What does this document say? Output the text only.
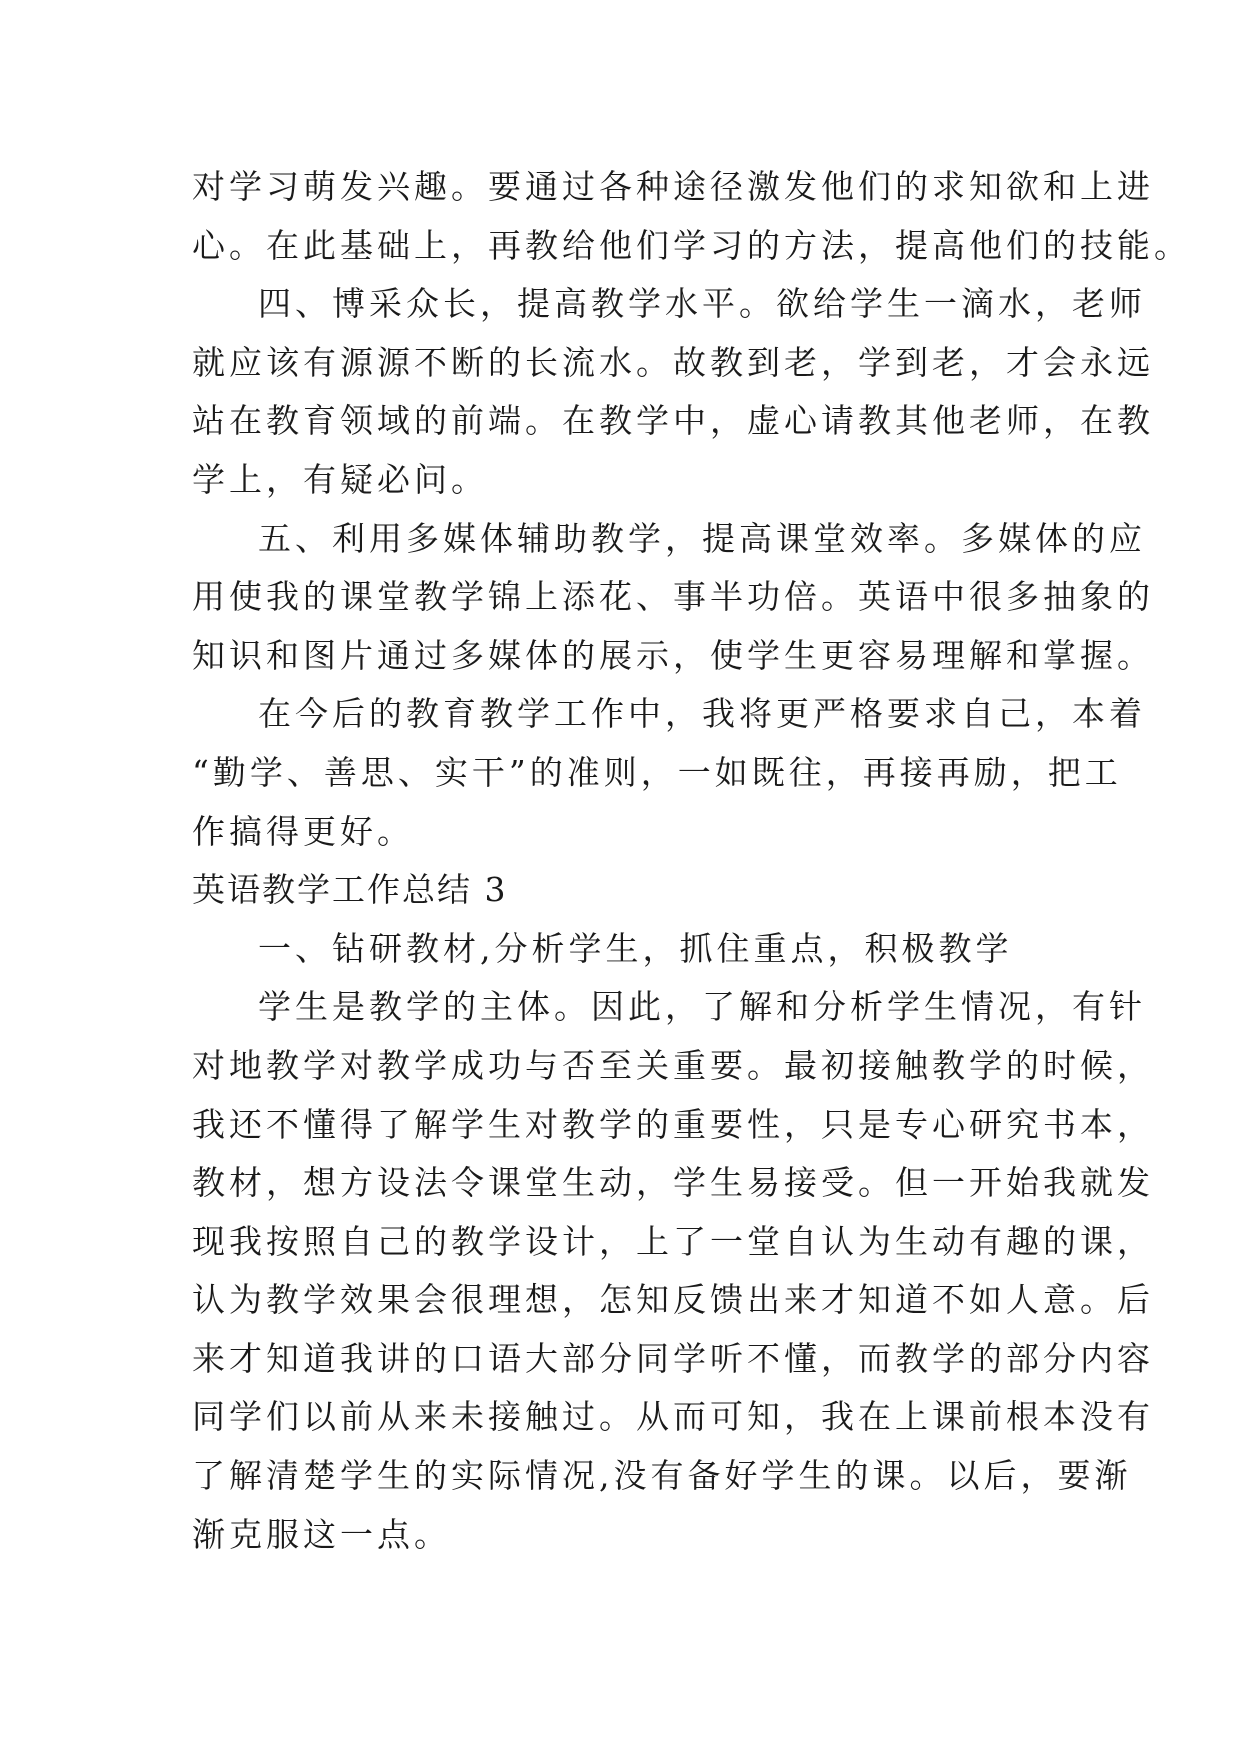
对学习萌发兴趣。要通过各种途径激发他们的求知欲和上进
心。在此基础上，再教给他们学习的方法，提高他们的技能。
四、博采众长，提高教学水平。欲给学生一滴水，老师
就应该有源源不断的长流水。故教到老，学到老，才会永远
站在教育领域的前端。在教学中，虚心请教其他老师，在教
学上，有疑必问。
五、利用多媒体辅助教学，提高课堂效率。多媒体的应
用使我的课堂教学锦上添花、事半功倍。英语中很多抽象的
知识和图片通过多媒体的展示，使学生更容易理解和掌握。
在今后的教育教学工作中，我将更严格要求自己，本着
“勤学、善思、实干”的准则，一如既往，再接再励，把工
作搞得更好。
英语教学工作总结 3
一、钻研教材,分析学生，抓住重点，积极教学
学生是教学的主体。因此，了解和分析学生情况，有针
对地教学对教学成功与否至关重要。最初接触教学的时候，
我还不懂得了解学生对教学的重要性，只是专心研究书本，
教材，想方设法令课堂生动，学生易接受。但一开始我就发
现我按照自己的教学设计，上了一堂自认为生动有趣的课，
认为教学效果会很理想，怎知反馈出来才知道不如人意。后
来才知道我讲的口语大部分同学听不懂，而教学的部分内容
同学们以前从来未接触过。从而可知，我在上课前根本没有
了解清楚学生的实际情况,没有备好学生的课。以后，要渐
渐克服这一点。
